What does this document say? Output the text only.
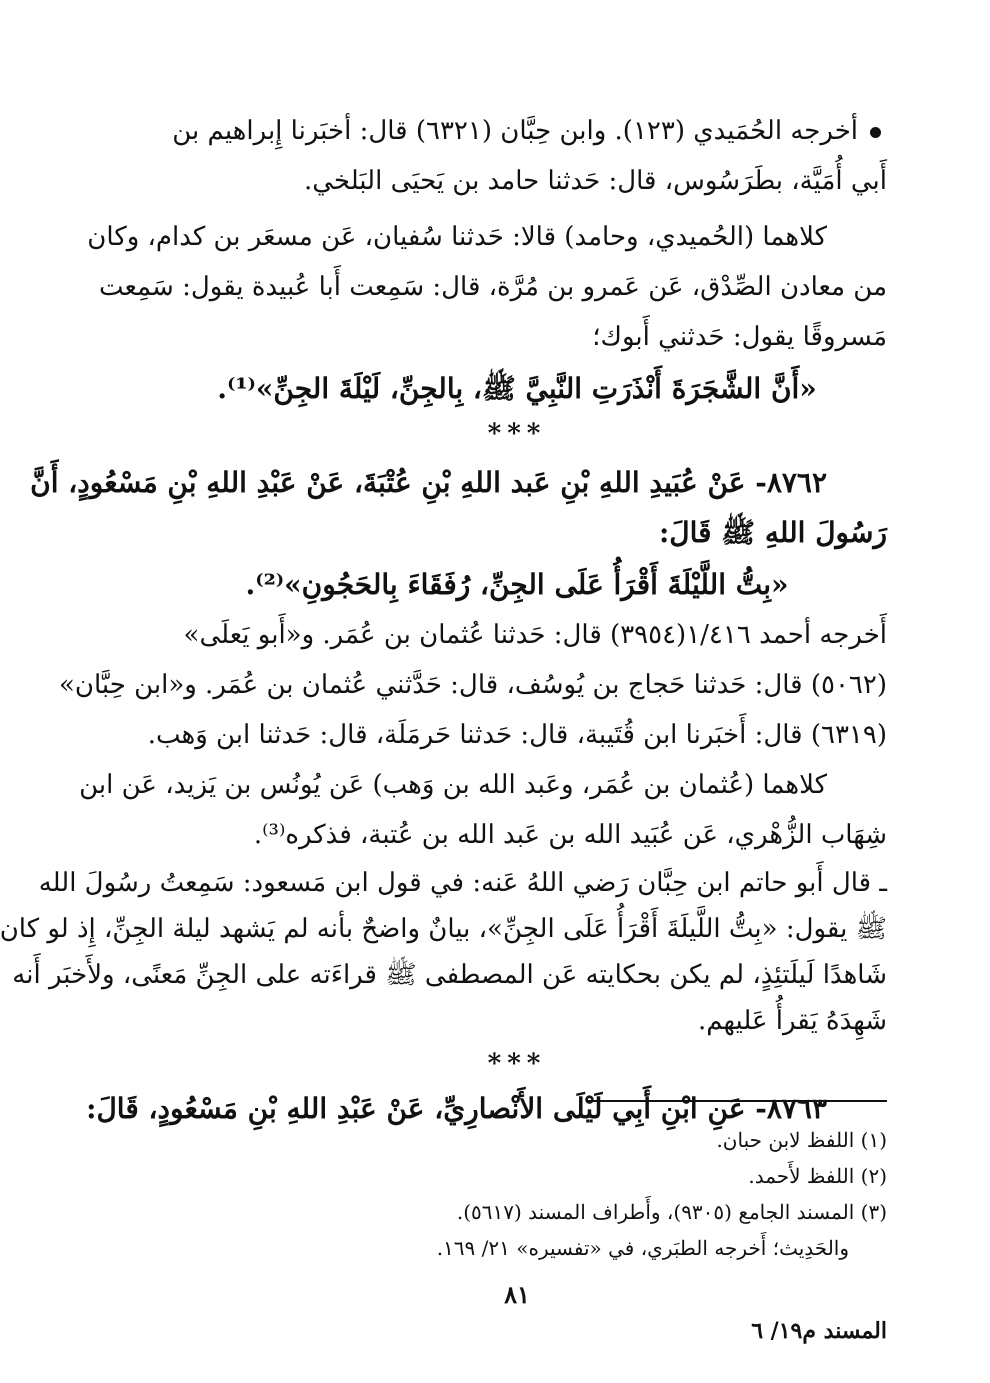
أخرجه الحُمَيدي (١٢٣). وابن حِبَّان (٦٣٢١) قال: أخبَرنا إِبراهيم بن
أَبي أُمَيَّة، بطَرَسُوس، قال: حَدثنا حامد بن يَحيَى البَلخي.

كلاهما (الحُميدي، وحامد) قالا: حَدثنا سُفيان، عَن مسعَر بن كدام، وكان
من معادن الصِّدْق، عَن عَمرو بن مُرَّة، قال: سَمِعت أَبا عُبيدة يقول: سَمِعت
مَسروقًا يقول: حَدثني أَبوك؛

«أَنَّ الشَّجَرَةَ أَنْذَرَتِ النَّبِيَّ ﷺ، بِالجِنِّ، لَيْلَةَ الجِنِّ»⁽¹⁾.

***

٨٧٦٢- عَنْ عُبَيدِ اللهِ بْنِ عَبد اللهِ بْنِ عُتْبَةَ، عَنْ عَبْدِ اللهِ بْنِ مَسْعُودٍ، أَنَّ
رَسُولَ اللهِ ﷺ قَالَ:

«بِتُّ اللَّيْلَةَ أَقْرَأُ عَلَى الجِنِّ، رُفَقَاءَ بِالحَجُونِ»⁽²⁾.

أَخرجه أحمد ١/٤١٦(٣٩٥٤) قال: حَدثنا عُثمان بن عُمَر. و«أَبو يَعلَى»
(٥٠٦٢) قال: حَدثنا حَجاج بن يُوسُف، قال: حَدَّثني عُثمان بن عُمَر. و«ابن حِبَّان»
(٦٣١٩) قال: أَخبَرنا ابن قُتَيبة، قال: حَدثنا حَرمَلَة، قال: حَدثنا ابن وَهب.

كلاهما (عُثمان بن عُمَر، وعَبد الله بن وَهب) عَن يُونُس بن يَزيد، عَن ابن
شِهَاب الزُّهْري، عَن عُبَيد الله بن عَبد الله بن عُتبة، فذكره⁽³⁾.

ـ قال أَبو حاتم ابن حِبَّان رَضي اللهُ عَنه: في قول ابن مَسعود: سَمِعتُ رسُولَ الله
ﷺ يقول: «بِتُّ اللَّيلَةَ أَقْرَأُ عَلَى الجِنِّ»، بيانٌ واضحٌ بأنه لم يَشهد ليلة الجِنِّ، إِذ لو كان
شَاهدًا لَيلَتئِذٍ، لم يكن بحكايته عَن المصطفى ﷺ قراءَته على الجِنِّ مَعنًى، ولأَخبَر أَنه
شَهِدَهُ يَقرأُ عَليهم.

***

٨٧٦٣- عَنِ ابْنِ أَبِي لَيْلَى الأَنْصارِيِّ، عَنْ عَبْدِ اللهِ بْنِ مَسْعُودٍ، قَالَ:

(١) اللفظ لابن حبان.
(٢) اللفظ لأَحمد.
(٣) المسند الجامع (٩٣٠٥)، وأَطراف المسند (٥٦١٧).
والحَدِيث؛ أَخرجه الطبَري، في «تفسيره» ٢١/ ١٦٩.
٨١
المسند م١٩/ ٦
